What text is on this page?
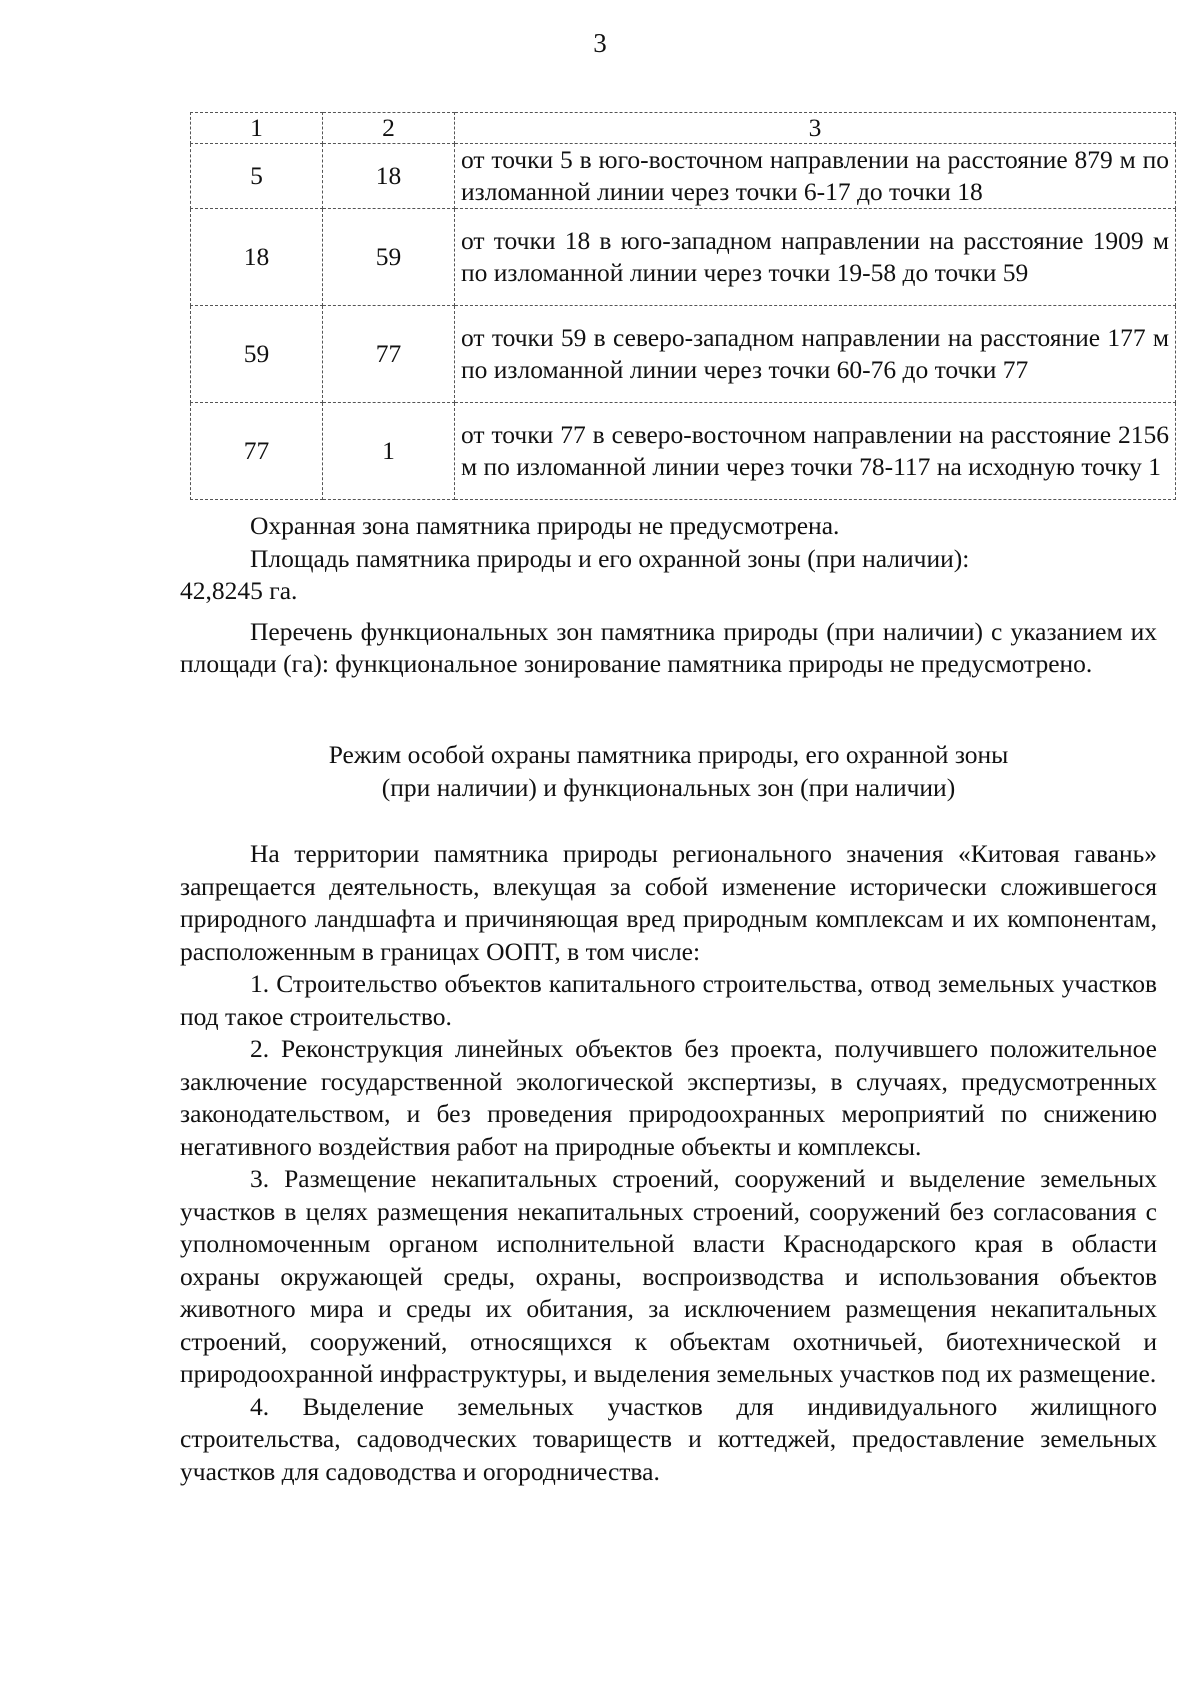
3
1	2	3
5	18	от точки 5 в юго-восточном направлении на расстояние 879 м по изломанной линии через точки 6-17 до точки 18
18	59	от точки 18 в юго-западном направлении на расстояние 1909 м по изломанной линии через точки 19-58 до точки 59
59	77	от точки 59 в северо-западном направлении на расстояние 177 м по изломанной линии через точки 60-76 до точки 77
77	1	от точки 77 в северо-восточном направлении на расстояние 2156 м по изломанной линии через точки 78-117 на исходную точку 1

Охранная зона памятника природы не предусмотрена.

Площадь памятника природы и его охранной зоны (при наличии):

42,8245 га.

Перечень функциональных зон памятника природы (при наличии) с указанием их площади (га): функциональное зонирование памятника природы не предусмотрено.

Режим особой охраны памятника природы, его охранной зоны
(при наличии) и функциональных зон (при наличии)

На территории памятника природы регионального значения «Китовая гавань» запрещается деятельность, влекущая за собой изменение исторически сложившегося природного ландшафта и причиняющая вред природным комплексам и их компонентам, расположенным в границах ООПТ, в том числе:

1. Строительство объектов капитального строительства, отвод земельных участков под такое строительство.

2. Реконструкция линейных объектов без проекта, получившего положительное заключение государственной экологической экспертизы, в случаях, предусмотренных законодательством, и без проведения природоохранных мероприятий по снижению негативного воздействия работ на природные объекты и комплексы.

3. Размещение некапитальных строений, сооружений и выделение земельных участков в целях размещения некапитальных строений, сооружений без согласования с уполномоченным органом исполнительной власти Краснодарского края в области охраны окружающей среды, охраны, воспроизводства и использования объектов животного мира и среды их обитания, за исключением размещения некапитальных строений, сооружений, относящихся к объектам охотничьей, биотехнической и природоохранной инфраструктуры, и выделения земельных участков под их размещение.

4. Выделение земельных участков для индивидуального жилищного строительства, садоводческих товариществ и коттеджей, предоставление земельных участков для садоводства и огородничества.
